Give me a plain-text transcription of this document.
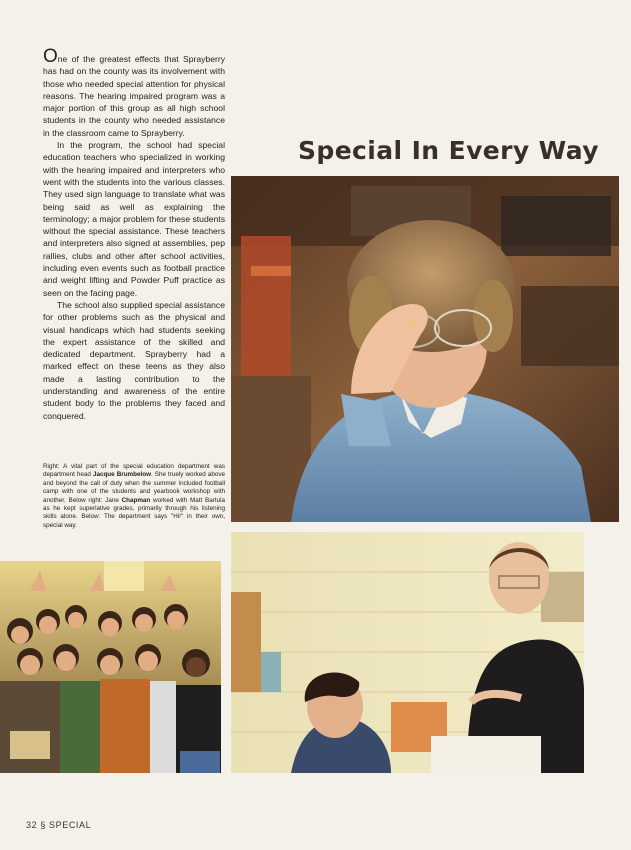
One of the greatest effects that Sprayberry has had on the county was its involvement with those who needed special attention for physical reasons. The hearing impaired program was a major portion of this group as all high school students in the county who needed assistance in the classroom came to Sprayberry.

In the program, the school had special education teachers who specialized in working with the hearing impaired and interpreters who went with the students into the various classes. They used sign language to translate what was being said as well as explaining the terminology; a major problem for these students without the special assistance. These teachers and interpreters also signed at assemblies, pep rallies, clubs and other after school activities, including even events such as football practice and weight lifting and Powder Puff practice as seen on the facing page.

The school also supplied special assistance for other problems such as the physical and visual handicaps which had students seeking the expert assistance of the skilled and dedicated department. Sprayberry had a marked effect on these teens as they also made a lasting contribution to the understanding and awareness of the entire student body to the problems they faced and conquered.

Right: A vital part of the special education department was department head Jacque Brumbelow. She truely worked above and beyond the call of duty when the summer included football camp with one of the students and yearbook workshop with another. Below right: Jane Chapman worked with Matt Bartula as he kept superlative grades, primarily through his listening skills alone. Below: The department says "Hi!" in their own, special way.

Special In Every Way
32 § SPECIAL
